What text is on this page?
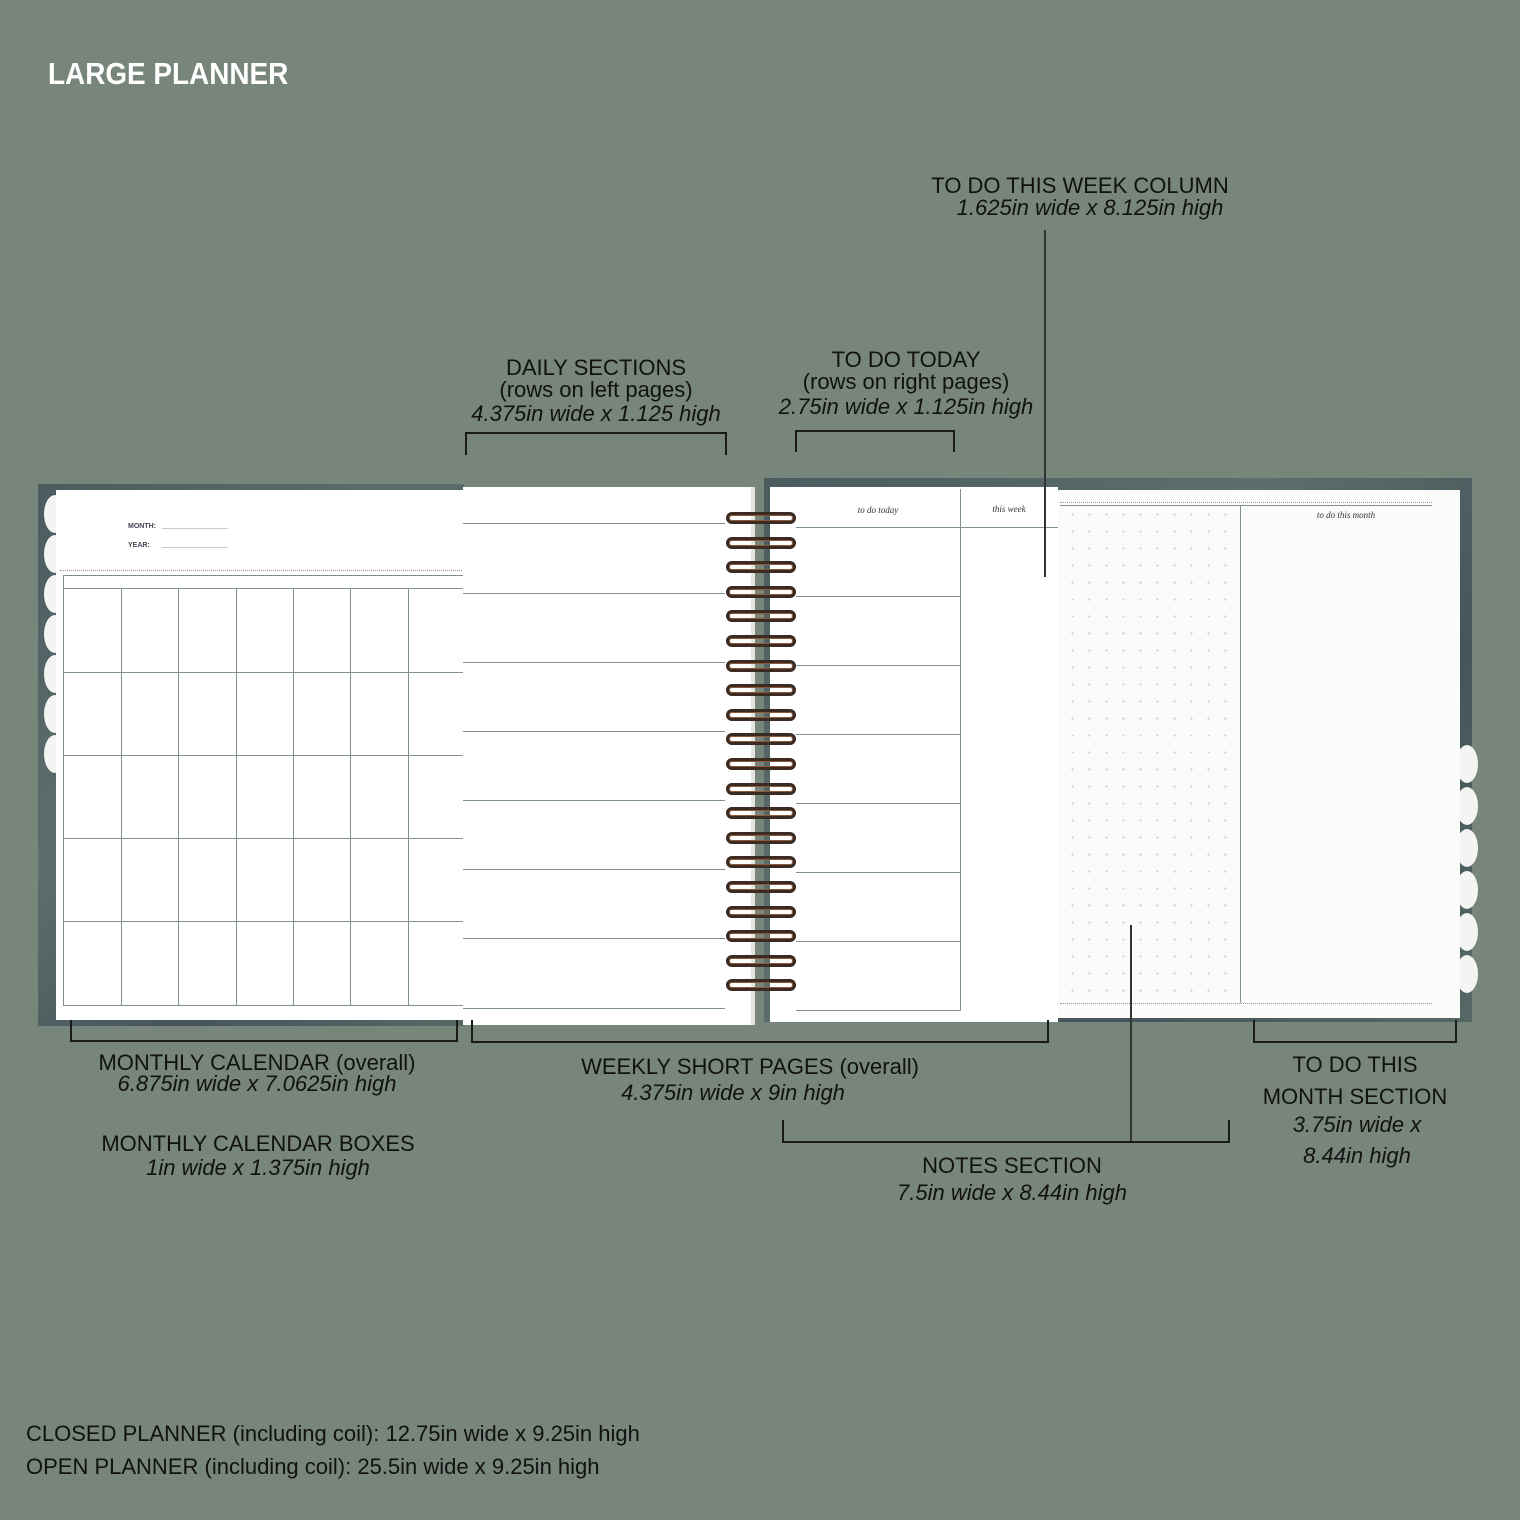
LARGE PLANNER
MONTH:
YEAR:
to do today	this week
to do this month
TO DO THIS WEEK COLUMN
1.625in wide x 8.125in high
DAILY SECTIONS
(rows on left pages)
4.375in wide x 1.125 high
TO DO TODAY
(rows on right pages)
2.75in wide x 1.125in high
MONTHLY CALENDAR (overall)
6.875in wide x 7.0625in high
MONTHLY CALENDAR BOXES
1in wide x 1.375in high
WEEKLY SHORT PAGES (overall)
4.375in wide x 9in high
NOTES SECTION
7.5in wide x 8.44in high
TO DO THIS
MONTH SECTION
3.75in wide x
8.44in high
CLOSED PLANNER (including coil): 12.75in wide x 9.25in high
OPEN PLANNER (including coil): 25.5in wide x 9.25in high
